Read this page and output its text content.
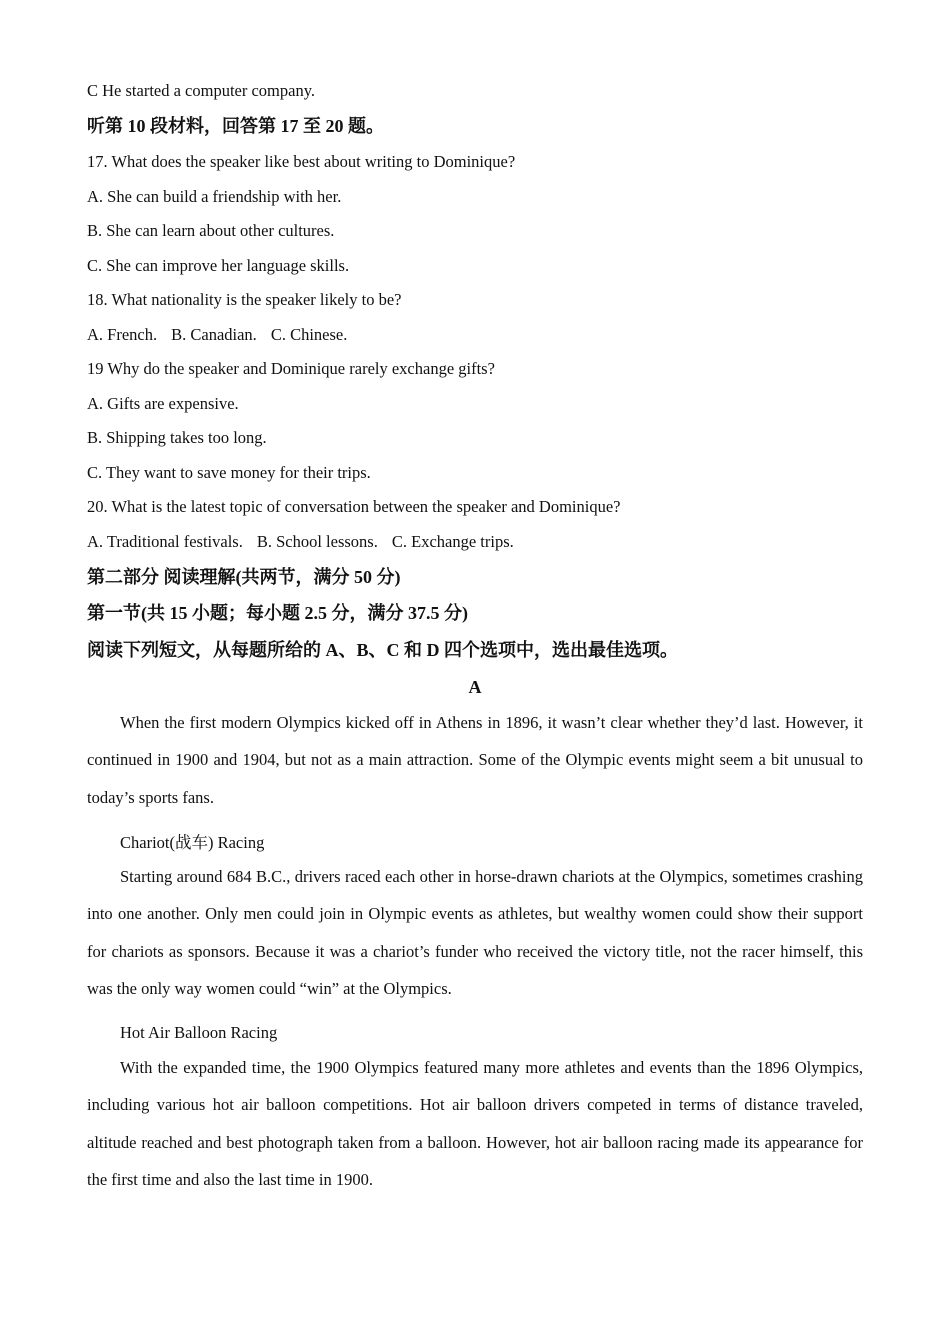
C He started a computer company.
听第 10 段材料，回答第 17 至 20 题。
17. What does the speaker like best about writing to Dominique?
A. She can build a friendship with her.
B. She can learn about other cultures.
C. She can improve her language skills.
18. What nationality is the speaker likely to be?
A. French. B. Canadian. C. Chinese.
19 Why do the speaker and Dominique rarely exchange gifts?
A. Gifts are expensive.
B. Shipping takes too long.
C. They want to save money for their trips.
20. What is the latest topic of conversation between the speaker and Dominique?
A. Traditional festivals. B. School lessons. C. Exchange trips.
第二部分 阅读理解(共两节，满分 50 分)
第一节(共 15 小题；每小题 2.5 分，满分 37.5 分)
阅读下列短文，从每题所给的 A、B、C 和 D 四个选项中，选出最佳选项。
A
When the first modern Olympics kicked off in Athens in 1896, it wasn’t clear whether they’d last. However, it continued in 1900 and 1904, but not as a main attraction. Some of the Olympic events might seem a bit unusual to today’s sports fans.
Chariot(战车) Racing
Starting around 684 B.C., drivers raced each other in horse-drawn chariots at the Olympics, sometimes crashing into one another. Only men could join in Olympic events as athletes, but wealthy women could show their support for chariots as sponsors. Because it was a chariot’s funder who received the victory title, not the racer himself, this was the only way women could “win” at the Olympics.
Hot Air Balloon Racing
With the expanded time, the 1900 Olympics featured many more athletes and events than the 1896 Olympics, including various hot air balloon competitions. Hot air balloon drivers competed in terms of distance traveled, altitude reached and best photograph taken from a balloon. However, hot air balloon racing made its appearance for the first time and also the last time in 1900.
